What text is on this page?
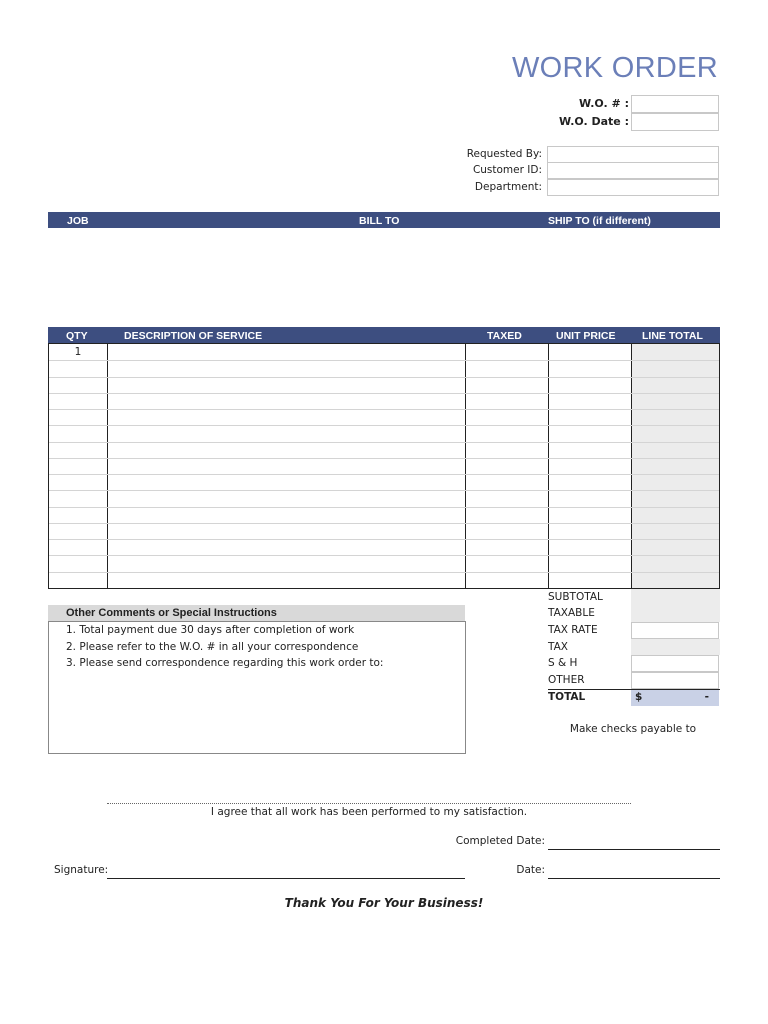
WORK ORDER
W.O. # :
W.O. Date :
Requested By:
Customer ID:
Department:
JOB	BILL TO	SHIP TO (if different)
QTY	DESCRIPTION OF SERVICE	TAXED	UNIT PRICE	LINE TOTAL
1
Other Comments or Special Instructions
1. Total payment due 30 days after completion of work
2. Please refer to the W.O. # in all your correspondence
3. Please send correspondence regarding this work order to:
SUBTOTAL
TAXABLE
TAX RATE
TAX
S & H
OTHER
TOTAL	$	-
Make checks payable to
I agree that all work has been performed to my satisfaction.
Completed Date:
Signature:	Date:
Thank You For Your Business!
